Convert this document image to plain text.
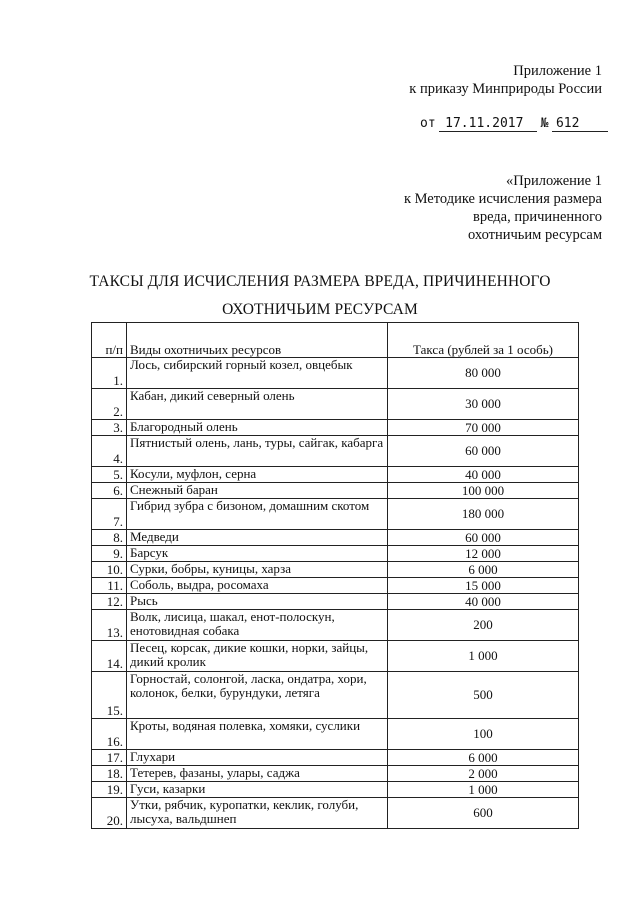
Приложение 1
к приказу Минприроды России
от 17.11.2017 № 612
«Приложение 1
к Методике исчисления размера
вреда, причиненного
охотничьим ресурсам
ТАКСЫ ДЛЯ ИСЧИСЛЕНИЯ РАЗМЕРА ВРЕДА, ПРИЧИНЕННОГО
ОХОТНИЧЬИМ РЕСУРСАМ
п/п	Виды охотничьих ресурсов	Такса (рублей за 1 особь)
1.	Лось, сибирский горный козел, овцебык	80 000
2.	Кабан, дикий северный олень	30 000
3.	Благородный олень	70 000
4.	Пятнистый олень, лань, туры, сайгак, кабарга	60 000
5.	Косули, муфлон, серна	40 000
6.	Снежный баран	100 000
7.	Гибрид зубра с бизоном, домашним скотом	180 000
8.	Медведи	60 000
9.	Барсук	12 000
10.	Сурки, бобры, куницы, харза	6 000
11.	Соболь, выдра, росомаха	15 000
12.	Рысь	40 000
13.	Волк, лисица, шакал, енот-полоскун, енотовидная собака	200
14.	Песец, корсак, дикие кошки, норки, зайцы, дикий кролик	1 000
15.	Горностай, солонгой, ласка, ондатра, хори, колонок, белки, бурундуки, летяга	500
16.	Кроты, водяная полевка, хомяки, суслики	100
17.	Глухари	6 000
18.	Тетерев, фазаны, улары, саджа	2 000
19.	Гуси, казарки	1 000
20.	Утки, рябчик, куропатки, кеклик, голуби, лысуха, вальдшнеп	600
